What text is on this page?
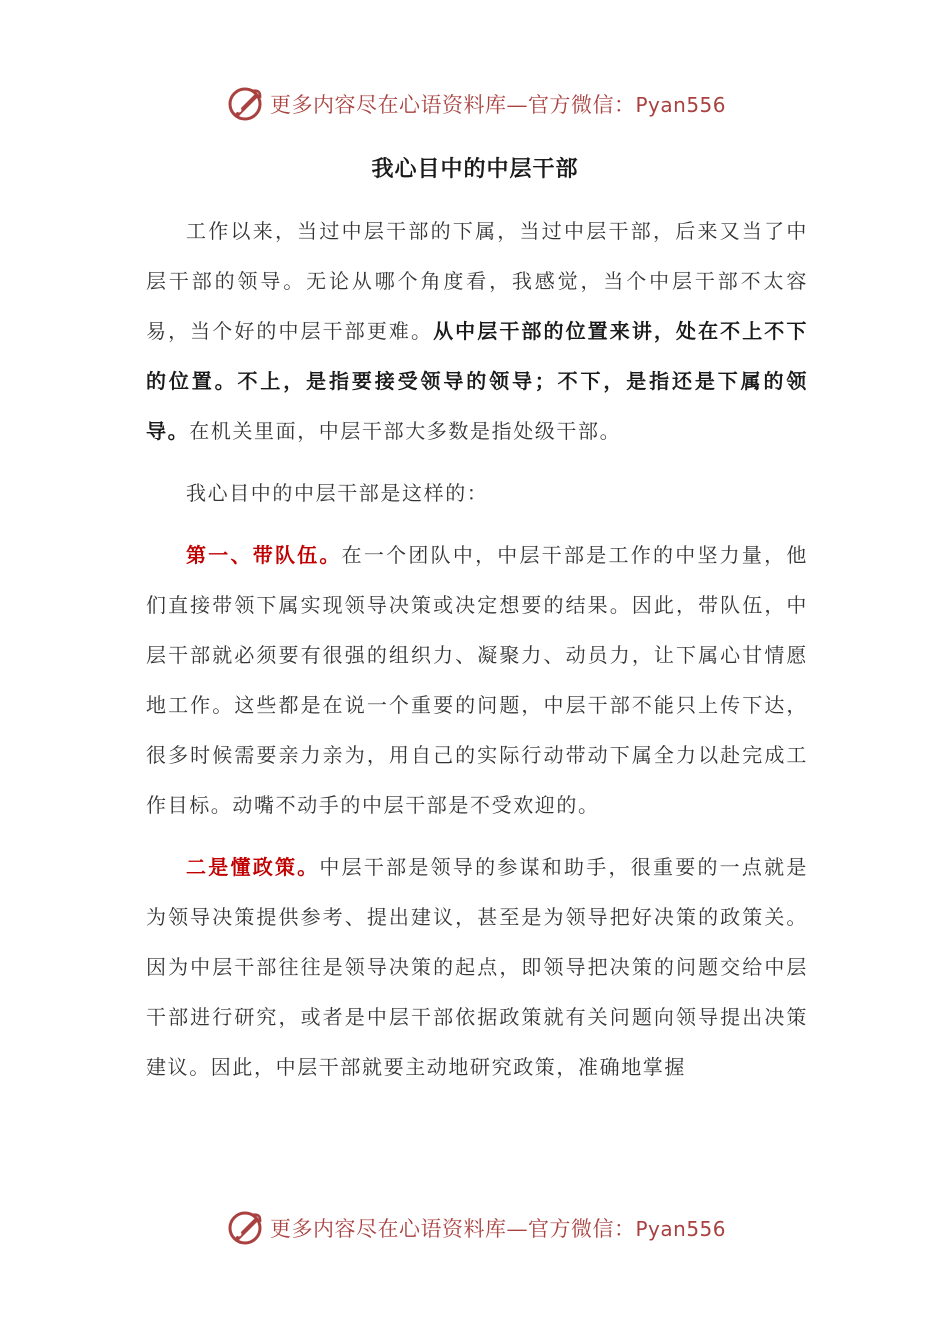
更多内容尽在心语资料库—官方微信：Pyan556
我心目中的中层干部

工作以来，当过中层干部的下属，当过中层干部，后来又当了中层干部的领导。无论从哪个角度看，我感觉，当个中层干部不太容易，当个好的中层干部更难。从中层干部的位置来讲，处在不上不下的位置。不上，是指要接受领导的领导；不下，是指还是下属的领导。在机关里面，中层干部大多数是指处级干部。

我心目中的中层干部是这样的：

第一、带队伍。在一个团队中，中层干部是工作的中坚力量，他们直接带领下属实现领导决策或决定想要的结果。因此，带队伍，中层干部就必须要有很强的组织力、凝聚力、动员力，让下属心甘情愿地工作。这些都是在说一个重要的问题，中层干部不能只上传下达，很多时候需要亲力亲为，用自己的实际行动带动下属全力以赴完成工作目标。动嘴不动手的中层干部是不受欢迎的。

二是懂政策。中层干部是领导的参谋和助手，很重要的一点就是为领导决策提供参考、提出建议，甚至是为领导把好决策的政策关。因为中层干部往往是领导决策的起点，即领导把决策的问题交给中层干部进行研究，或者是中层干部依据政策就有关问题向领导提出决策建议。因此，中层干部就要主动地研究政策，准确地掌握

更多内容尽在心语资料库—官方微信：Pyan556
